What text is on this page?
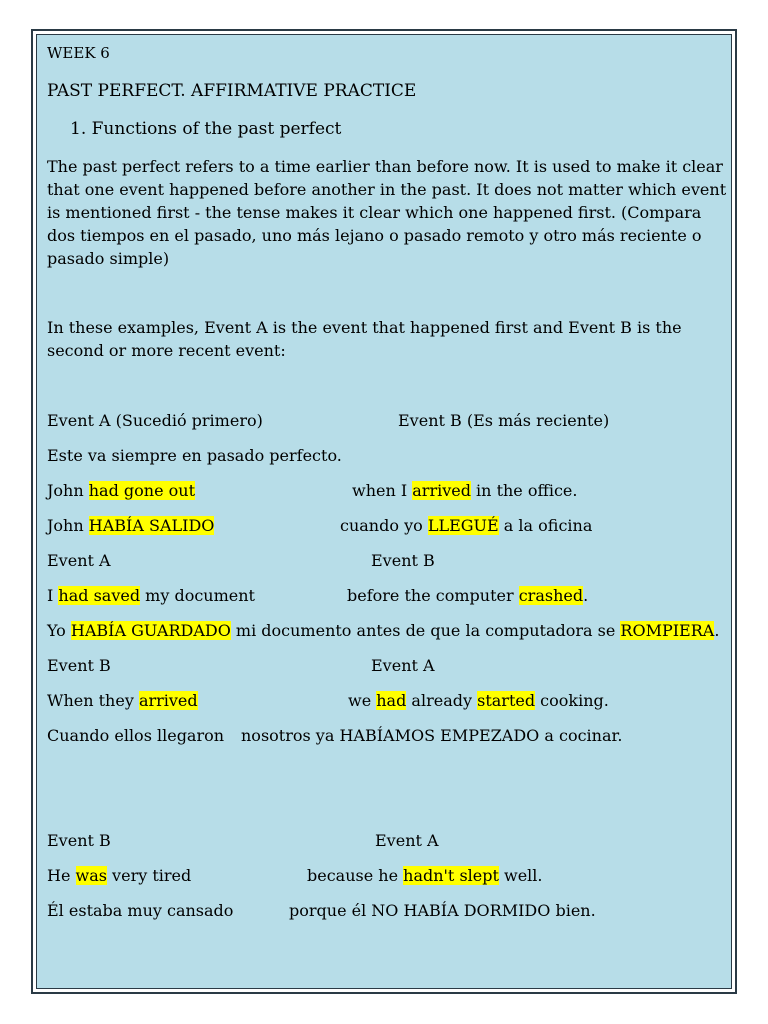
WEEK 6
PAST PERFECT. AFFIRMATIVE PRACTICE
1. Functions of the past perfect
The past perfect refers to a time earlier than before now. It is used to make it clear that one event happened before another in the past. It does not matter which event is mentioned first - the tense makes it clear which one happened first. (Compara dos tiempos en el pasado, uno más lejano o pasado remoto y otro más reciente o pasado simple)
In these examples, Event A is the event that happened first and Event B is the second or more recent event:
Event A (Sucedió primero)	Event B (Es más reciente)
Este va siempre en pasado perfecto.
John had gone out	when I arrived in the office.
John HABÍA SALIDO	cuando yo LLEGUÉ a la oficina
Event A	Event B
I had saved my document	before the computer crashed.
Yo HABÍA GUARDADO mi documento antes de que la computadora se ROMPIERA.
Event B	Event A
When they arrived	we had already started cooking.
Cuando ellos llegaron nosotros ya HABÍAMOS EMPEZADO a cocinar.
Event B	Event A
He was very tired	because he hadn't slept well.
Él estaba muy cansado	porque él NO HABÍA DORMIDO bien.
